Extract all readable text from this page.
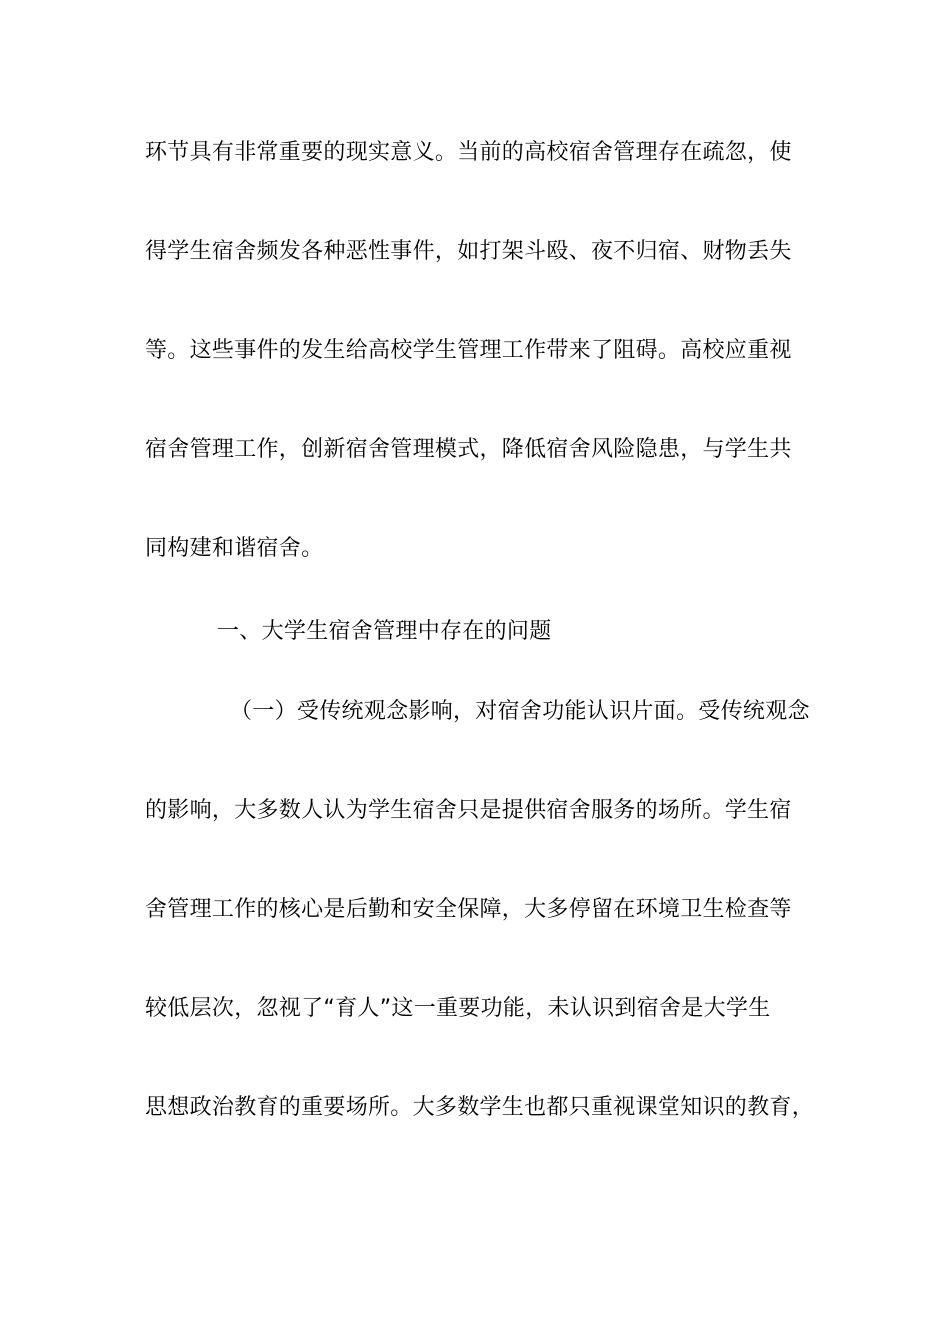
环节具有非常重要的现实意义。当前的高校宿舍管理存在疏忽，使
得学生宿舍频发各种恶性事件，如打架斗殴、夜不归宿、财物丢失
等。这些事件的发生给高校学生管理工作带来了阻碍。高校应重视
宿舍管理工作，创新宿舍管理模式，降低宿舍风险隐患，与学生共
同构建和谐宿舍。
一、大学生宿舍管理中存在的问题
（一）受传统观念影响，对宿舍功能认识片面。受传统观念
的影响，大多数人认为学生宿舍只是提供宿舍服务的场所。学生宿
舍管理工作的核心是后勤和安全保障，大多停留在环境卫生检查等
较低层次，忽视了“育人”这一重要功能，未认识到宿舍是大学生
思想政治教育的重要场所。大多数学生也都只重视课堂知识的教育，
